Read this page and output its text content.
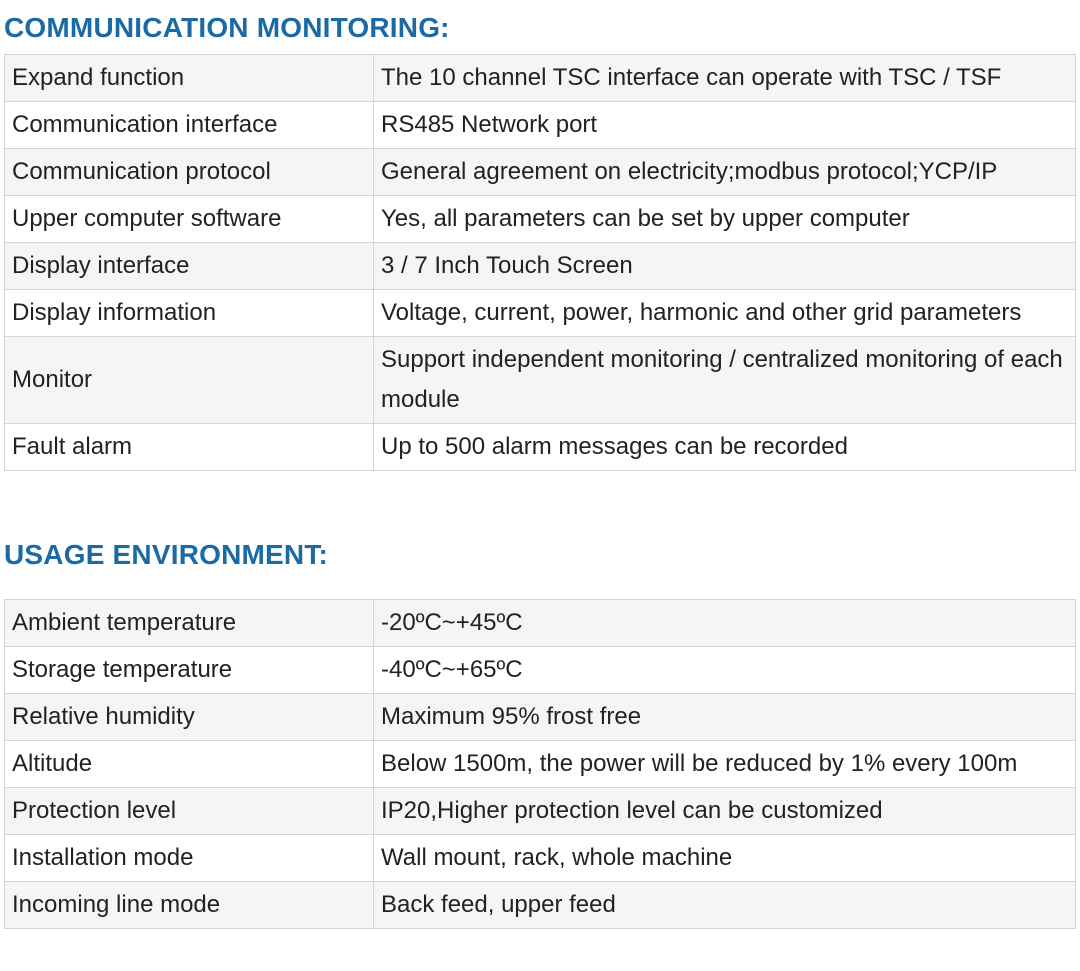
COMMUNICATION MONITORING:
Expand function	The 10 channel TSC interface can operate with TSC / TSF
Communication interface	RS485 Network port
Communication protocol	General agreement on electricity;modbus protocol;YCP/IP
Upper computer software	Yes, all parameters can be set by upper computer
Display interface	3 / 7 Inch Touch Screen
Display information	Voltage, current, power, harmonic and other grid parameters
Monitor	Support independent monitoring / centralized monitoring of each module
Fault alarm	Up to 500 alarm messages can be recorded
USAGE ENVIRONMENT:
Ambient temperature	-20ºC~+45ºC
Storage temperature	-40ºC~+65ºC
Relative humidity	Maximum 95% frost free
Altitude	Below 1500m, the power will be reduced by 1% every 100m
Protection level	IP20,Higher protection level can be customized
Installation mode	Wall mount, rack, whole machine
Incoming line mode	Back feed, upper feed
